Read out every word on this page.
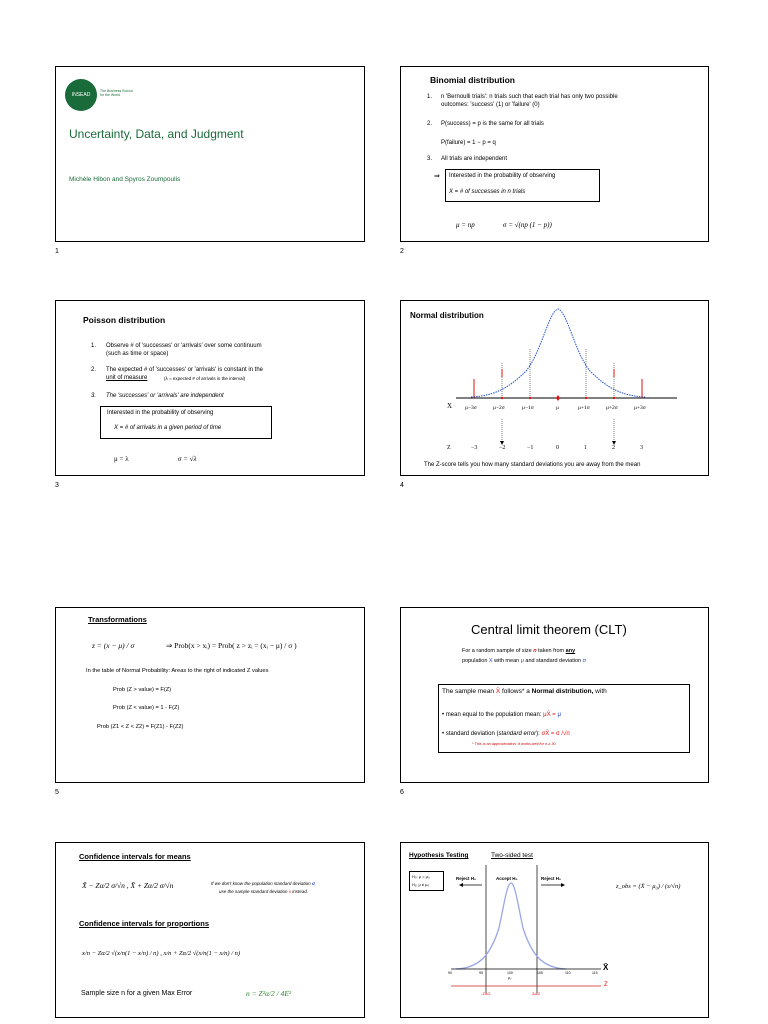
INSEAD
The Business School
for the World
Uncertainty, Data, and Judgment
Michèle Hibon and Spyros Zoumpoulis
1
Binomial distribution
1. n 'Bernoulli trials': n trials such that each trial has only two possible
outcomes: 'success' (1) or 'failure' (0)
2. P(success) = p is the same for all trials
P(failure) = 1 − p = q
3. All trials are independent
⇒ Interested in the probability of observing
X = # of successes in n trials
μ = np	σ = √(np (1 − p))
2
Poisson distribution
1. Observe # of 'successes' or 'arrivals' over some continuum
(such as time or space)
2. The expected # of 'successes' or 'arrivals' is constant in the
unit of measure	(λ = expected # of arrivals in the interval)
3. The 'successes' or 'arrivals' are independent
Interested in the probability of observing
X = # of arrivals in a given period of time
μ = λ	σ = √λ
3
Normal distribution
X μ−3σ	μ−2σ	μ−1σ	μ	μ+1σ	μ+2σ	μ+3σ
Z	−3	−2	−1	0	1	2	3
The Z-score tells you how many standard deviations you are away from the mean
4
Transformations
z = (x − μ) / σ	⇒ Prob(x > xᵢ) = Prob( z > zᵢ = (xᵢ − μ) / σ )
In the table of Normal Probability: Areas to the right of indicated Z values
Prob (Z > value) = F(Z)
Prob (Z < value) = 1 - F(Z)
Prob (Z1 < Z < Z2) = F(Z1) - F(Z2)
5
Central limit theorem (CLT)
For a random sample of size n taken from any
population X with mean μ and standard deviation σ
The sample mean X̄ follows* a Normal distribution, with
• mean equal to the population mean: μX̄ = μ
• standard deviation (standard error): σX̄ = σ /√n
* This is an approximation. It works well for n ≥ 30.
6
Confidence intervals for means
X̄ − Zα/2 σ/√n , X̄ + Zα/2 σ/√n	If we don't know the population standard deviation σ
use the sample standard deviation s instead.
Confidence intervals for proportions
x/n − Zα/2 √(x/n(1 − x/n) / n) , x/n + Zα/2 √(x/n(1 − x/n) / n)
Sample size n for a given Max Error	n = Z²α/2 / 4E²
Hypothesis Testing	Two-sided test
H₀: μ = μ₀
H₁: μ ≠ μ₀
Reject H₀	Accept H₀	Reject H₀
90	95	100	105	110	115
μ₀
X̄
Z
-Zα/2	Zα/2
z_obs = (X̄ − μ₀) / (s/√n)
